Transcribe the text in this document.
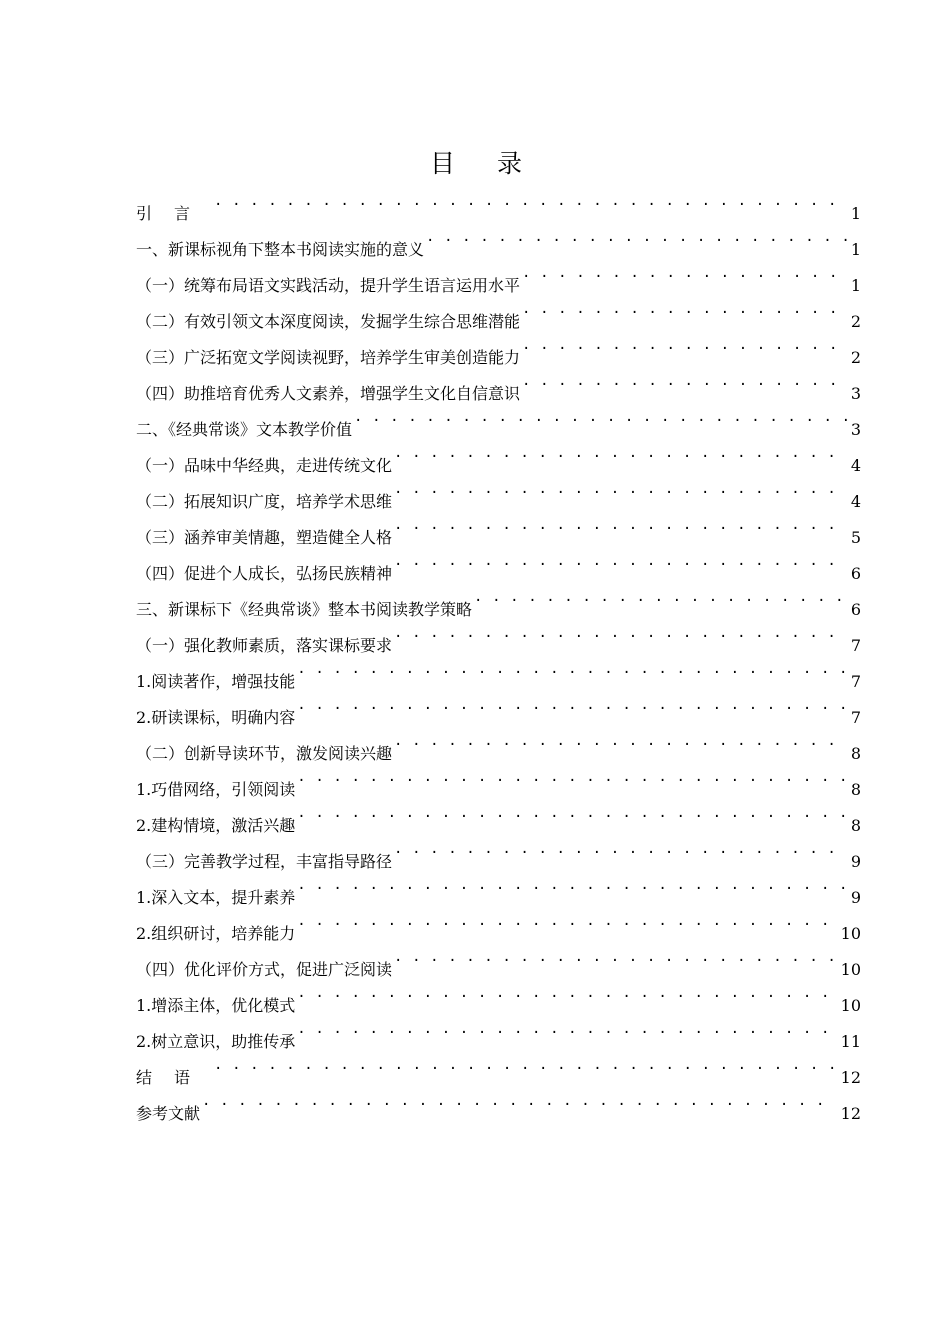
目录
引言 . . .	1
一、新课标视角下整本书阅读实施的意义 . . .	1
（一）统筹布局语文实践活动，提升学生语言运用水平 . . .	1
（二）有效引领文本深度阅读，发掘学生综合思维潜能 . . .	2
（三）广泛拓宽文学阅读视野，培养学生审美创造能力 . . .	2
（四）助推培育优秀人文素养，增强学生文化自信意识 . . .	3
二、《经典常谈》文本教学价值 . . .	3
（一）品味中华经典，走进传统文化 . . .	4
（二）拓展知识广度，培养学术思维 . . .	4
（三）涵养审美情趣，塑造健全人格 . . .	5
（四）促进个人成长，弘扬民族精神 . . .	6
三、新课标下《经典常谈》整本书阅读教学策略 . . .	6
（一）强化教师素质，落实课标要求 . . .	7
1.阅读著作，增强技能 . . .	7
2.研读课标，明确内容 . . .	7
（二）创新导读环节，激发阅读兴趣 . . .	8
1.巧借网络，引领阅读 . . .	8
2.建构情境，激活兴趣 . . .	8
（三）完善教学过程，丰富指导路径 . . .	9
1.深入文本，提升素养 . . .	9
2.组织研讨，培养能力 . . .	10
（四）优化评价方式，促进广泛阅读 . . .	10
1.增添主体，优化模式 . . .	10
2.树立意识，助推传承 . . .	11
结语 . . .	12
参考文献 . . .	12
